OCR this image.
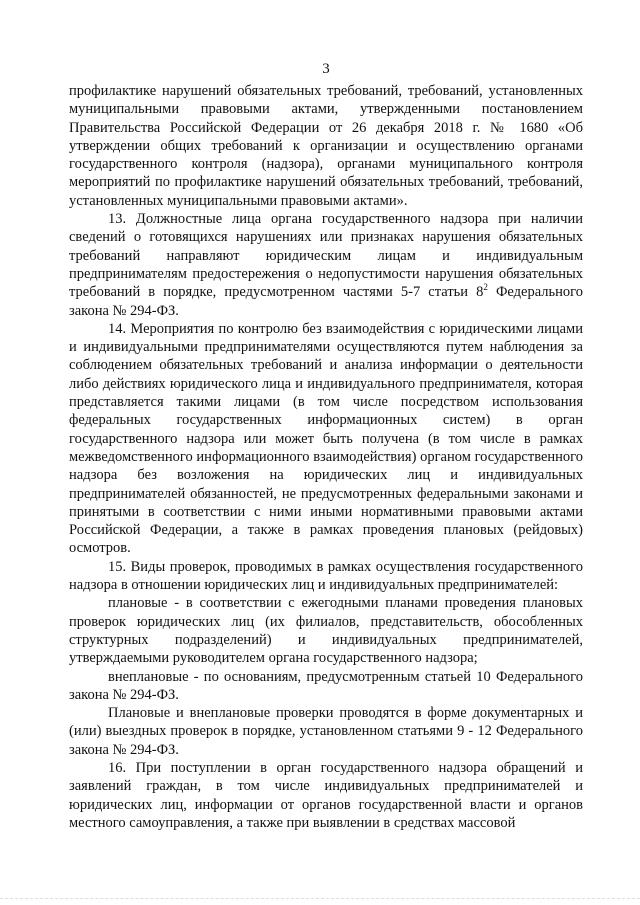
3

профилактике нарушений обязательных требований, требований, установленных муниципальными правовыми актами, утвержденными постановлением Правительства Российской Федерации от 26 декабря 2018 г. № 1680 «Об утверждении общих требований к организации и осуществлению органами государственного контроля (надзора), органами муниципального контроля мероприятий по профилактике нарушений обязательных требований, требований, установленных муниципальными правовыми актами».

13. Должностные лица органа государственного надзора при наличии сведений о готовящихся нарушениях или признаках нарушения обязательных требований направляют юридическим лицам и индивидуальным предпринимателям предостережения о недопустимости нарушения обязательных требований в порядке, предусмотренном частями 5-7 статьи $8^2$ Федерального закона № 294-ФЗ.

14. Мероприятия по контролю без взаимодействия с юридическими лицами и индивидуальными предпринимателями осуществляются путем наблюдения за соблюдением обязательных требований и анализа информации о деятельности либо действиях юридического лица и индивидуального предпринимателя, которая представляется такими лицами (в том числе посредством использования федеральных государственных информационных систем) в орган государственного надзора или может быть получена (в том числе в рамках межведомственного информационного взаимодействия) органом государственного надзора без возложения на юридических лиц и индивидуальных предпринимателей обязанностей, не предусмотренных федеральными законами и принятыми в соответствии с ними иными нормативными правовыми актами Российской Федерации, а также в рамках проведения плановых (рейдовых) осмотров.

15. Виды проверок, проводимых в рамках осуществления государственного надзора в отношении юридических лиц и индивидуальных предпринимателей:

плановые - в соответствии с ежегодными планами проведения плановых проверок юридических лиц (их филиалов, представительств, обособленных структурных подразделений) и индивидуальных предпринимателей, утверждаемыми руководителем органа государственного надзора;

внеплановые - по основаниям, предусмотренным статьей 10 Федерального закона № 294-ФЗ.

Плановые и внеплановые проверки проводятся в форме документарных и (или) выездных проверок в порядке, установленном статьями 9 - 12 Федерального закона № 294-ФЗ.

16. При поступлении в орган государственного надзора обращений и заявлений граждан, в том числе индивидуальных предпринимателей и юридических лиц, информации от органов государственной власти и органов местного самоуправления, а также при выявлении в средствах массовой
